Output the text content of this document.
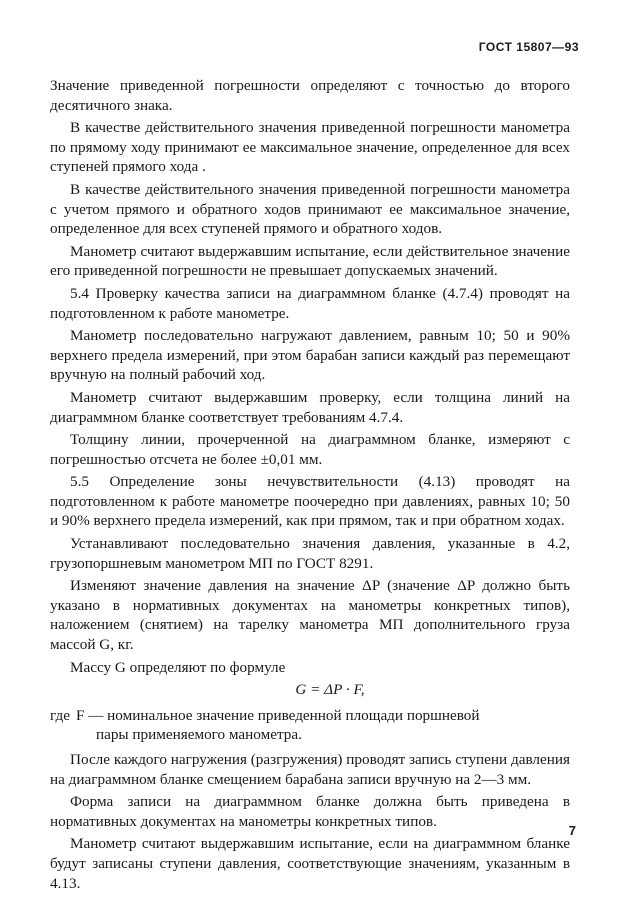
ГОСТ 15807—93

Значение приведенной погрешности определяют с точностью до второго десятичного знака.

В качестве действительного значения приведенной погрешности манометра по прямому ходу принимают ее максимальное значение, определенное для всех ступеней прямого хода .

В качестве действительного значения приведенной погрешности манометра с учетом прямого и обратного ходов принимают ее максимальное значение, определенное для всех ступеней прямого и обратного ходов.

Манометр считают выдержавшим испытание, если действительное значение его приведенной погрешности не превышает допускаемых значений.

5.4 Проверку качества записи на диаграммном бланке (4.7.4) проводят на подготовленном к работе манометре.

Манометр последовательно нагружают давлением, равным 10; 50 и 90% верхнего предела измерений, при этом барабан записи каждый раз перемещают вручную на полный рабочий ход.

Манометр считают выдержавшим проверку, если толщина линий на диаграммном бланке соответствует требованиям 4.7.4.

Толщину линии, прочерченной на диаграммном бланке, измеряют с погрешностью отсчета не более ±0,01 мм.

5.5 Определение зоны нечувствительности (4.13) проводят на подготовленном к работе манометре поочередно при давлениях, равных 10; 50 и 90% верхнего предела измерений, как при прямом, так и при обратном ходах.

Устанавливают последовательно значения давления, указанные в 4.2, грузопоршневым манометром МП по ГОСТ 8291.

Изменяют значение давления на значение ΔP (значение ΔP должно быть указано в нормативных документах на манометры конкретных типов), наложением (снятием) на тарелку манометра МП дополнительного груза массой G, кг.

Массу G определяют по формуле

G = ΔP · F,
где F — номинальное значение приведенной площади поршневой
пары применяемого манометра.

После каждого нагружения (разгружения) проводят запись ступени давления на диаграммном бланке смещением барабана записи вручную на 2—3 мм.

Форма записи на диаграммном бланке должна быть приведена в нормативных документах на манометры конкретных типов.

Манометр считают выдержавшим испытание, если на диаграммном бланке будут записаны ступени давления, соответствующие значениям, указанным в 4.13.

7
